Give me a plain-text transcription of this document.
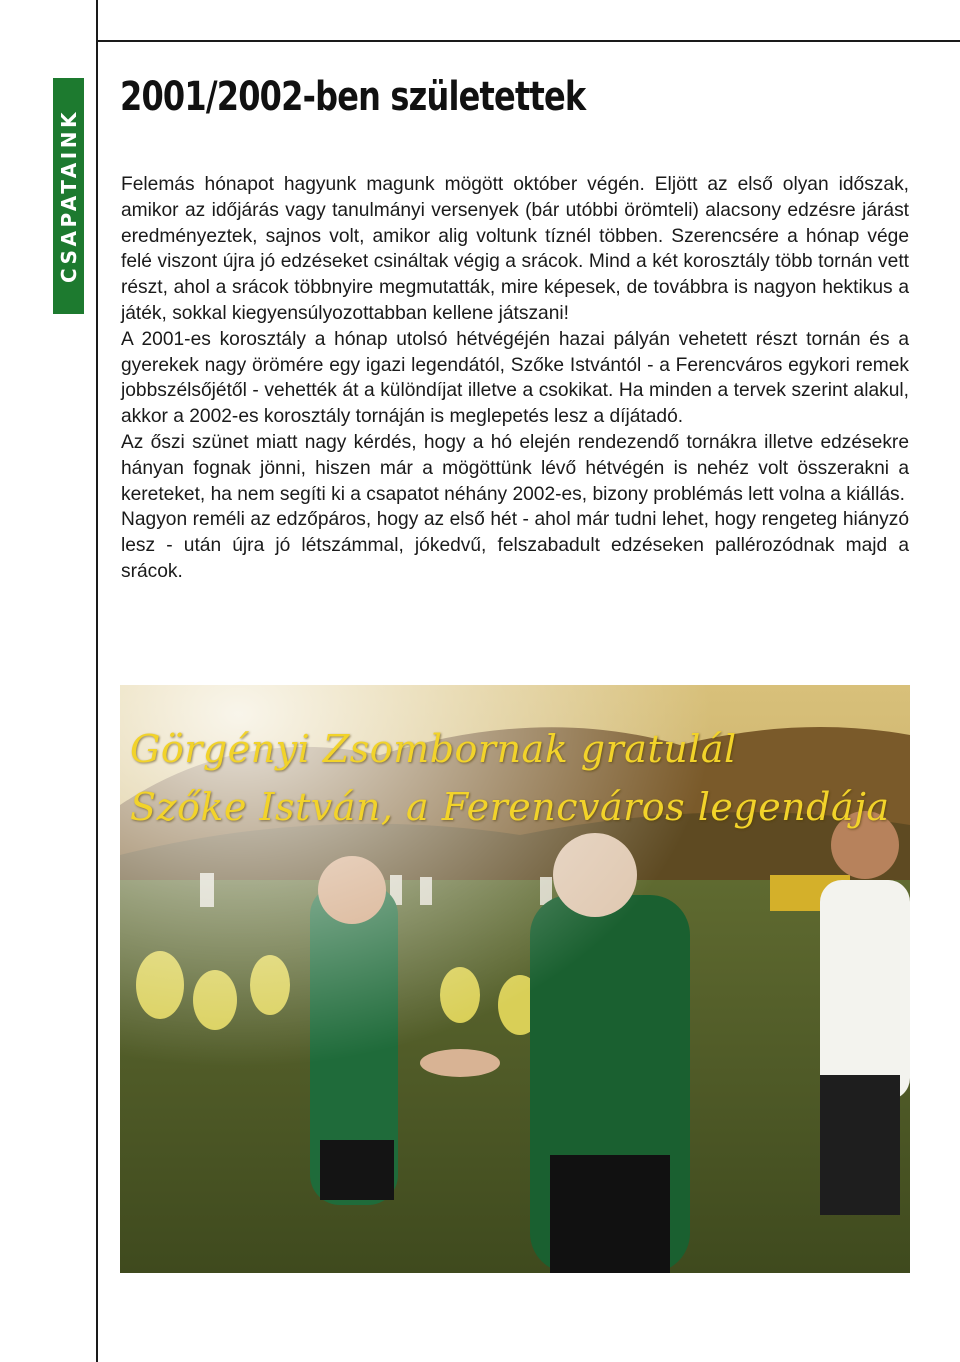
CSAPATAINK
2001/2002-ben születettek

Felemás hónapot hagyunk magunk mögött október végén. Eljött az első olyan időszak, amikor az időjárás vagy tanulmányi versenyek (bár utóbbi örömteli) alacsony edzésre járást eredményeztek, sajnos volt, amikor alig voltunk tíznél többen. Szerencsére a hónap vége felé viszont újra jó edzéseket csináltak végig a srácok. Mind a két korosztály több tornán vett részt, ahol a srácok többnyire megmutatták, mire képesek, de továbbra is nagyon hektikus a játék, sokkal kiegyensúlyozottabban kellene játszani!

A 2001-es korosztály a hónap utolsó hétvégéjén hazai pályán vehetett részt tornán és a gyerekek nagy örömére egy igazi legendától, Szőke Istvántól - a Ferencváros egykori remek jobbszélsőjétől - vehették át a különdíjat illetve a csokikat. Ha minden a tervek szerint alakul, akkor a 2002-es korosztály tornáján is meglepetés lesz a díjátadó.

Az őszi szünet miatt nagy kérdés, hogy a hó elején rendezendő tornákra illetve edzésekre hányan fognak jönni, hiszen már a mögöttünk lévő hétvégén is nehéz volt összerakni a kereteket, ha nem segíti ki a csapatot néhány 2002-es, bizony problémás lett volna a kiállás.

Nagyon reméli az edzőpáros, hogy az első hét - ahol már tudni lehet, hogy rengeteg hiányzó lesz - után újra jó létszámmal, jókedvű, felszabadult edzéseken pallérozódnak majd a srácok.

Görgényi Zsombornak gratulál
Szőke István, a Ferencváros legendája
